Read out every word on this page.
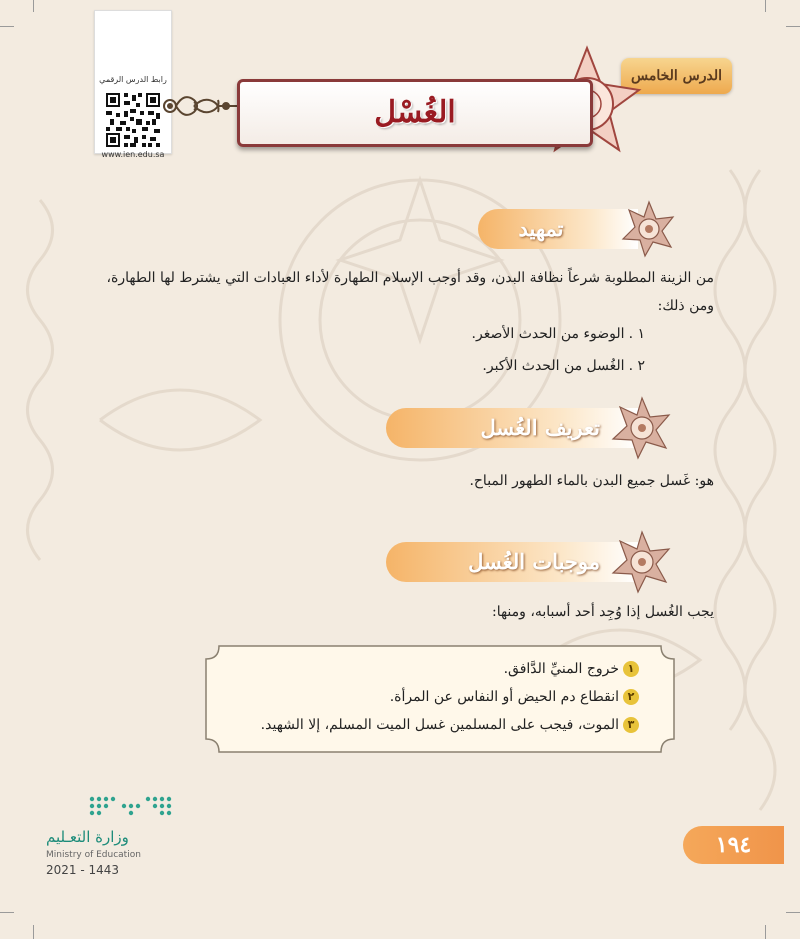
رابط الدرس الرقمي
www.ien.edu.sa
الدرس الخامس
الغُسْل
تمهيد
من الزينة المطلوبة شرعاً نظافة البدن، وقد أوجب الإسلام الطهارة لأداء العبادات التي يشترط لها الطهارة،
ومن ذلك:
١ .الوضوء من الحدث الأصغر.
٢ .الغُسل من الحدث الأكبر.
تعريف الغُسل
هو: غَسل جميع البدن بالماء الطهور المباح.
موجبات الغُسل
يجب الغُسل إذا وُجِد أحد أسبابه، ومنها:
١خروج المنيِّ الدَّافق.
٢انقطاع دم الحيض أو النفاس عن المرأة.
٣الموت، فيجب على المسلمين غسل الميت المسلم، إلا الشهيد.
١٩٤
وزارة التعـليم
Ministry of Education
2021 - 1443
